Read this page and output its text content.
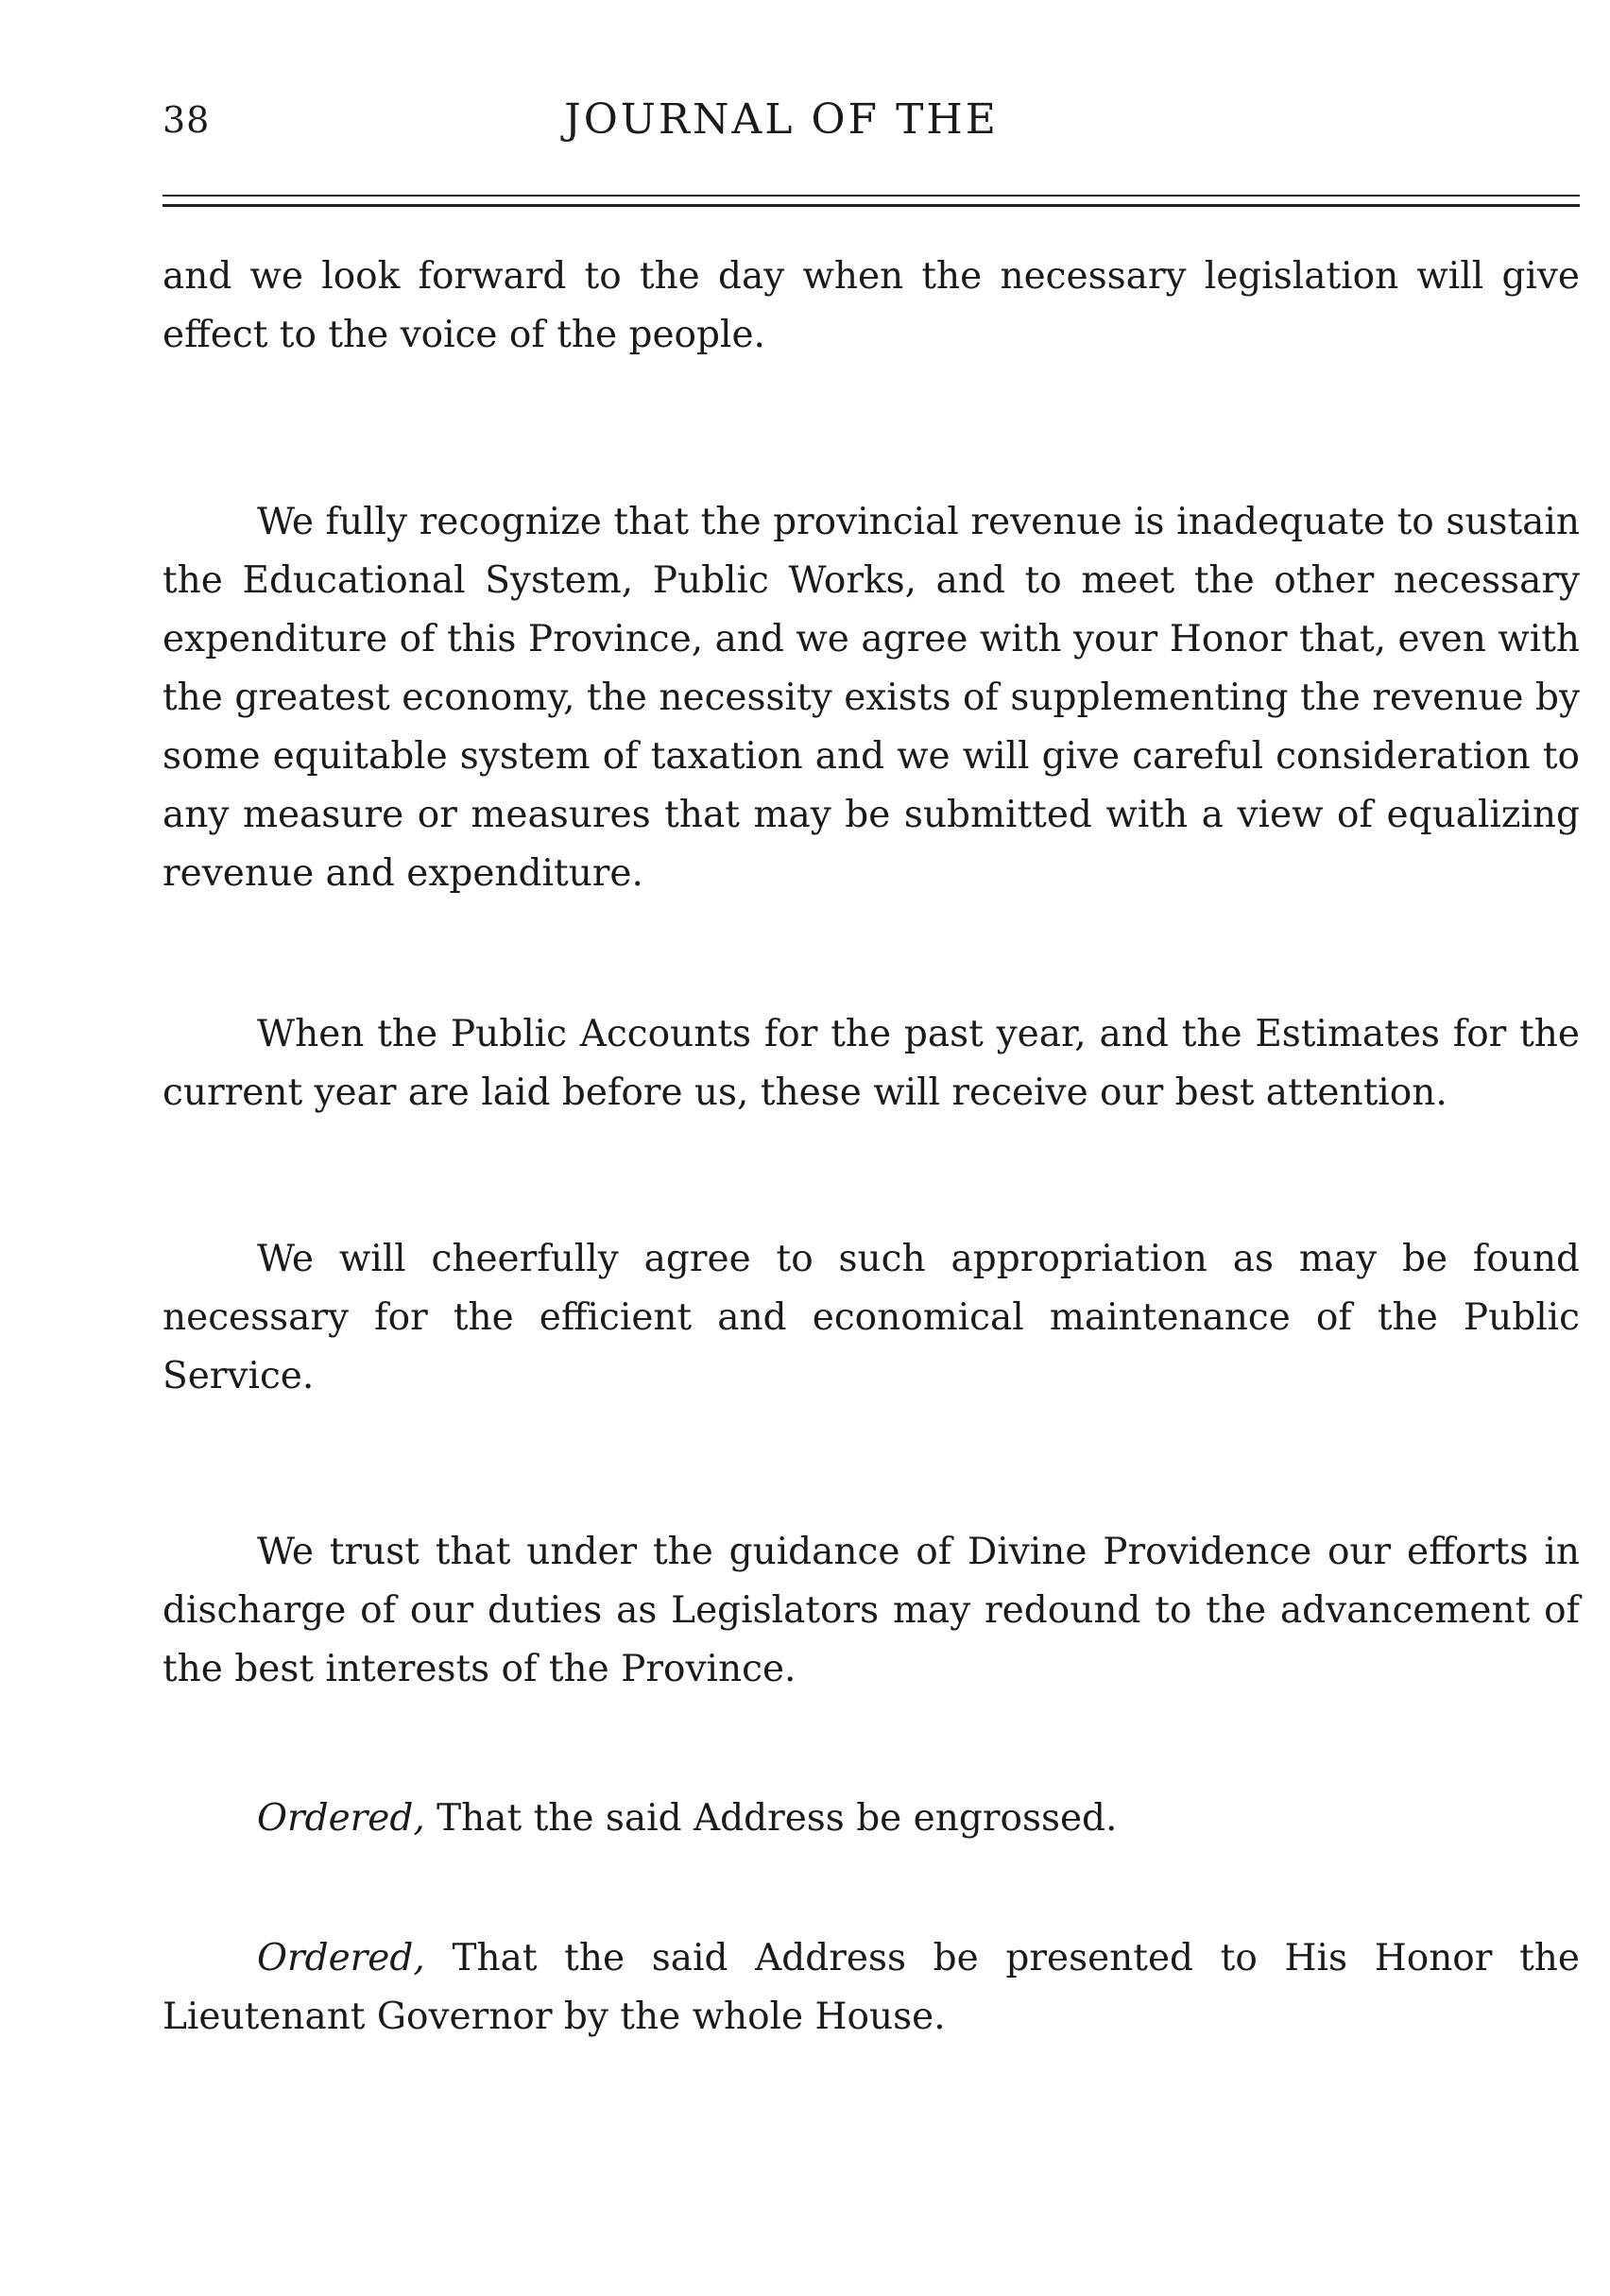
38	JOURNAL OF THE

and we look forward to the day when the necessary legislation will give effect to the voice of the people.

We fully recognize that the provincial revenue is inadequate to sustain the Educational System, Public Works, and to meet the other necessary expenditure of this Province, and we agree with your Honor that, even with the greatest economy, the necessity exists of supplementing the revenue by some equitable system of taxation and we will give careful consideration to any measure or measures that may be submitted with a view of equalizing revenue and expenditure.

When the Public Accounts for the past year, and the Estimates for the current year are laid before us, these will receive our best attention.

We will cheerfully agree to such appropriation as may be found necessary for the efficient and economical maintenance of the Public Service.

We trust that under the guidance of Divine Providence our efforts in discharge of our duties as Legislators may redound to the advancement of the best interests of the Province.

Ordered, That the said Address be engrossed.

Ordered, That the said Address be presented to His Honor the Lieutenant Governor by the whole House.
